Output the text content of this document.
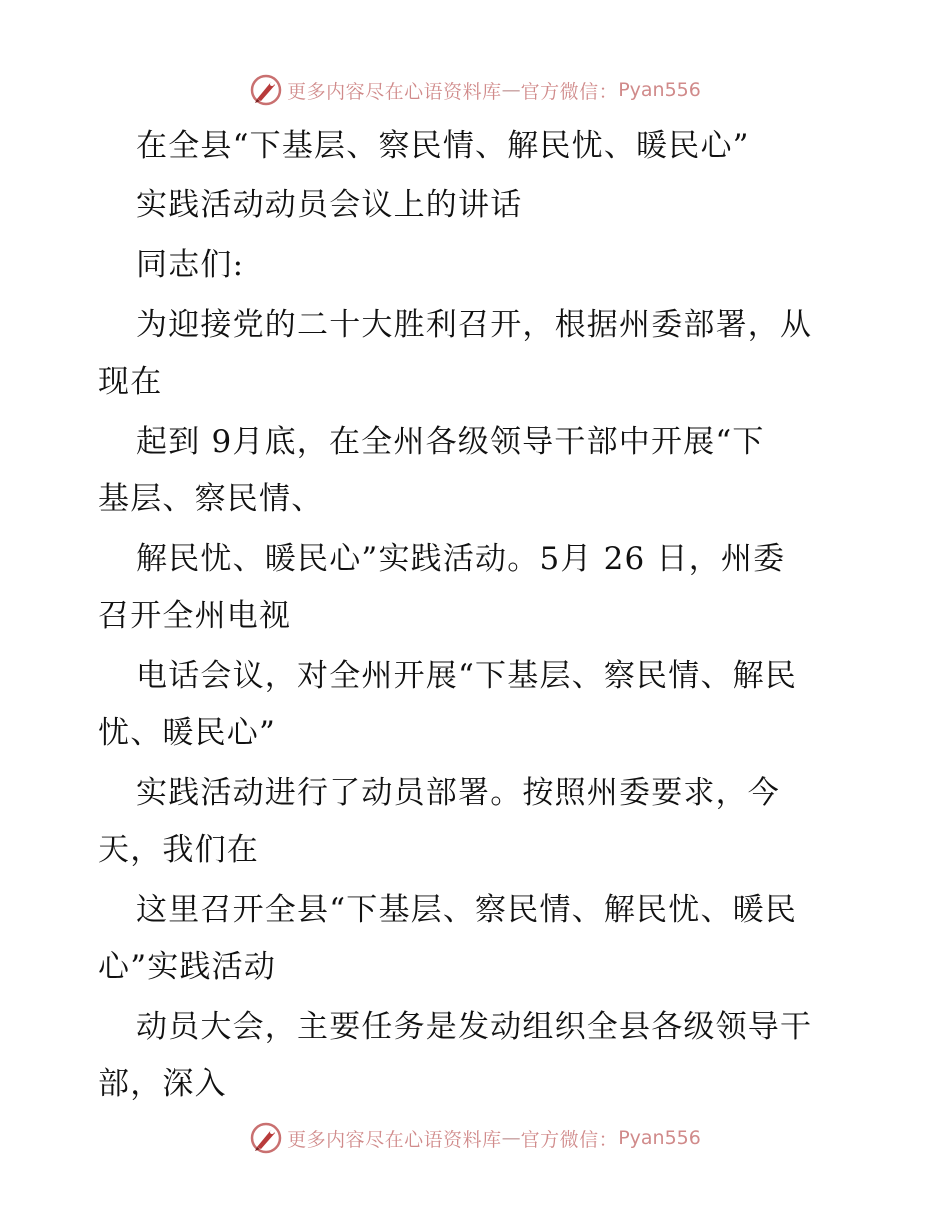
更多内容尽在心语资料库 — 官方微信： Pyan556
在全县“下基层、察民情、解民忧、暖民心”
实践活动动员会议上的讲话
同志们:
为迎接党的二十大胜利召开，根据州委部署，从
现在
起到 9月底，在全州各级领导干部中开展“下
基层、察民情、
解民忧、暖民心”实践活动。5月 26 日，州委
召开全州电视
电话会议，对全州开展“下基层、察民情、解民
忧、暖民心”
实践活动进行了动员部署。按照州委要求，今
天，我们在
这里召开全县“下基层、察民情、解民忧、暖民
心”实践活动
动员大会，主要任务是发动组织全县各级领导干
部，深入
更多内容尽在心语资料库 — 官方微信： Pyan556
